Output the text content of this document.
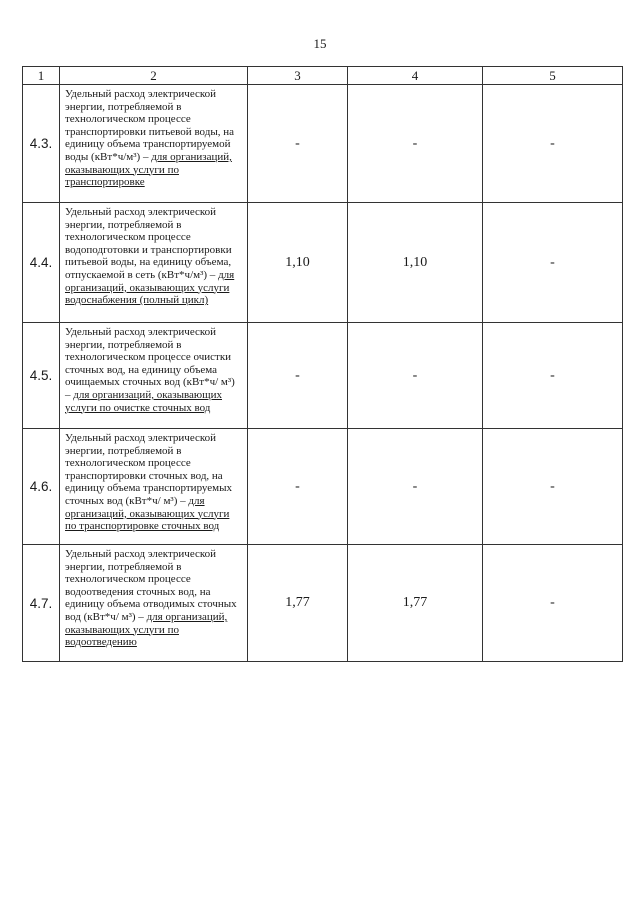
15
1	2	3	4	5
4.3.	Удельный расход электрической энергии, потребляемой в технологическом процессе транспортировки питьевой воды, на единицу объема транспортируемой воды (кВт*ч/м³) – для организаций, оказывающих услуги по транспортировке	-	-	-
4.4.	Удельный расход электрической энергии, потребляемой в технологическом процессе водоподготовки и транспортировки питьевой воды, на единицу объема, отпускаемой в сеть (кВт*ч/м³) – для организаций, оказывающих услуги водоснабжения (полный цикл)	1,10	1,10	-
4.5.	Удельный расход электрической энергии, потребляемой в технологическом процессе очистки сточных вод, на единицу объема очищаемых сточных вод (кВт*ч/ м³) – для организаций, оказывающих услуги по очистке сточных вод	-	-	-
4.6.	Удельный расход электрической энергии, потребляемой в технологическом процессе транспортировки сточных вод, на единицу объема транспортируемых сточных вод (кВт*ч/ м³) – для организаций, оказывающих услуги по транспортировке сточных вод	-	-	-
4.7.	Удельный расход электрической энергии, потребляемой в технологическом процессе водоотведения сточных вод, на единицу объема отводимых сточных вод (кВт*ч/ м³) – для организаций, оказывающих услуги по водоотведению	1,77	1,77	-
